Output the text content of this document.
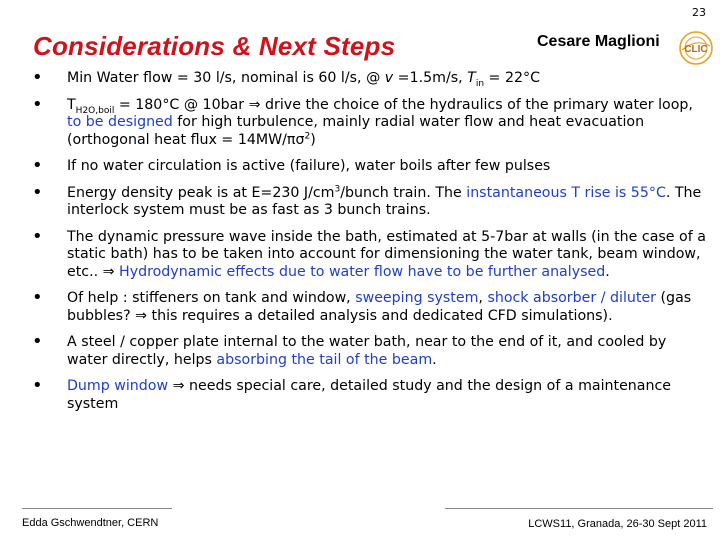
23
Considerations & Next Steps	Cesare Maglioni CLIC
• Min Water flow = 30 l/s, nominal is 60 l/s, @ v =1.5m/s, $T_{in} = 22^\circ C$
• $T_{H2O,boil} = 180^\circ C$ @ 10bar ⇒ drive the choice of the hydraulics of the primary water loop, to be designed for high turbulence, mainly radial water flow and heat evacuation (orthogonal heat flux = $14MW/\pi\sigma^2$)
• If no water circulation is active (failure), water boils after few pulses
• Energy density peak is at E=230 $J/cm^3$/bunch train. The instantaneous T rise is 55°C. The interlock system must be as fast as 3 bunch trains.
• The dynamic pressure wave inside the bath, estimated at 5-7bar at walls (in the case of a static bath) has to be taken into account for dimensioning the water tank, beam window, etc.. ⇒ Hydrodynamic effects due to water flow have to be further analysed.
• Of help : stiffeners on tank and window, sweeping system, shock absorber / diluter (gas bubbles? ⇒ this requires a detailed analysis and dedicated CFD simulations).
• A steel / copper plate internal to the water bath, near to the end of it, and cooled by water directly, helps absorbing the tail of the beam.
• Dump window ⇒ needs special care, detailed study and the design of a maintenance system
Edda Gschwendtner, CERN	LCWS11, Granada, 26-30 Sept 2011
